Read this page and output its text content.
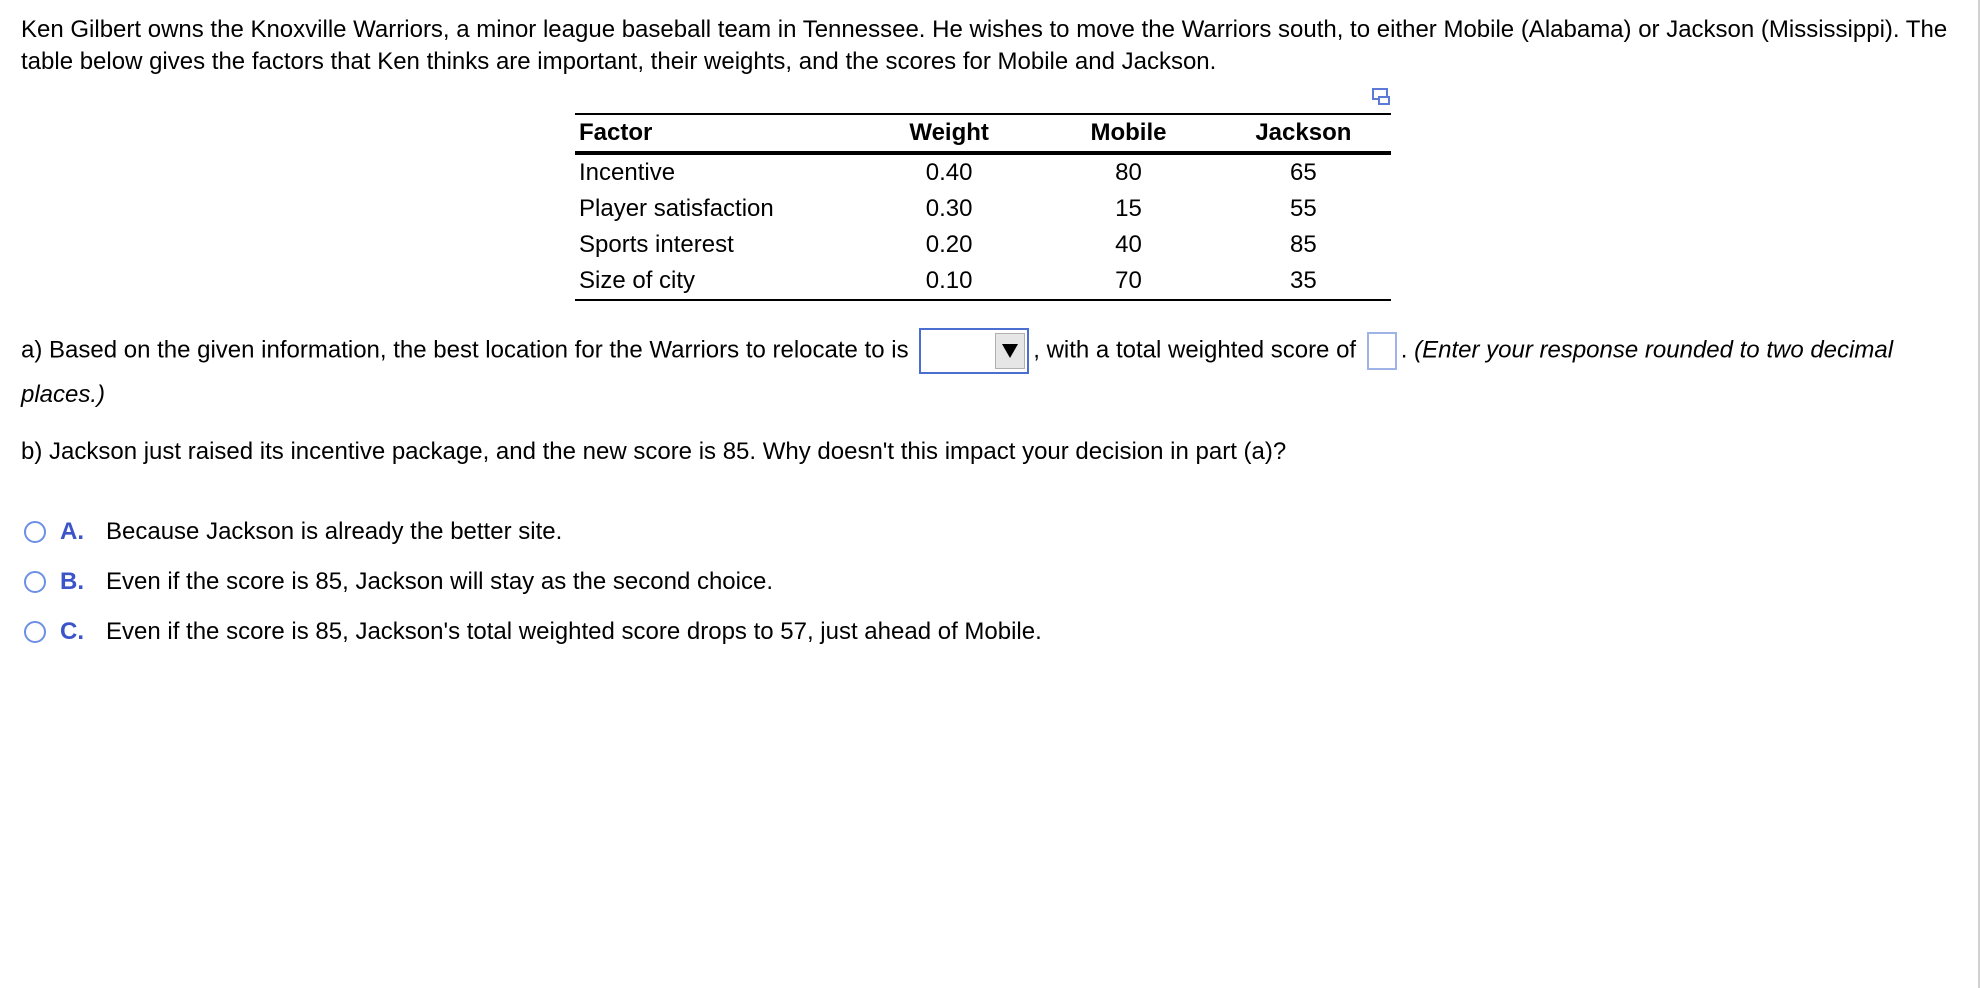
Ken Gilbert owns the Knoxville Warriors, a minor league baseball team in Tennessee. He wishes to move the Warriors south, to either Mobile (Alabama) or Jackson (Mississippi). The table below gives the factors that Ken thinks are important, their weights, and the scores for Mobile and Jackson.
Factor	Weight	Mobile	Jackson
Incentive	0.40	80	65
Player satisfaction	0.30	15	55
Sports interest	0.20	40	85
Size of city	0.10	70	35
a) Based on the given information, the best location for the Warriors to relocate to is	, with a total weighted score of . (Enter your response rounded to two decimal places.)
b) Jackson just raised its incentive package, and the new score is 85. Why doesn't this impact your decision in part (a)?
A. Because Jackson is already the better site.
B. Even if the score is 85, Jackson will stay as the second choice.
C. Even if the score is 85, Jackson's total weighted score drops to 57, just ahead of Mobile.
